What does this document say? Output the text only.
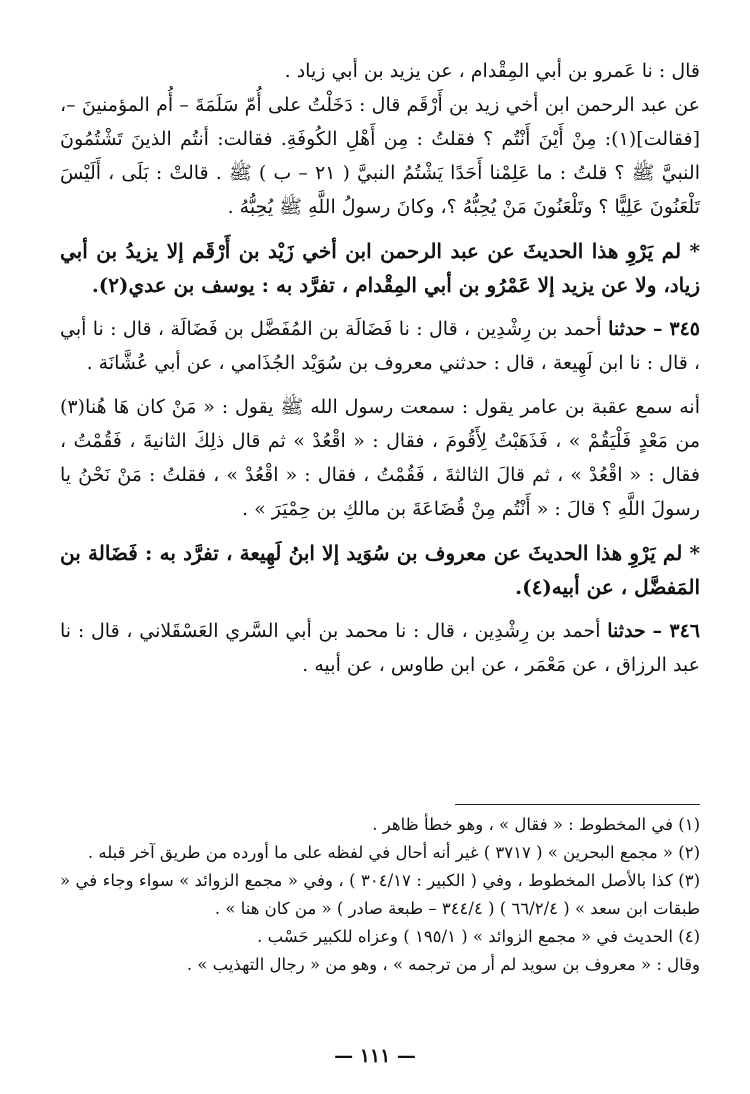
قال : نا عَمرو بن أبي المِقْدام ، عن يزيد بن أبي زياد .

عن عبد الرحمن ابن أخي زيد بن أَرْقَم قال : دَخَلْتُ على أُمّ سَلَمَةَ – أُم المؤمنينَ –، [فقالت](١): مِنْ أَيْنَ أَنْتُم ؟ فقلتُ : مِن أَهْلِ الكُوفَةِ. فقالت: أنتُم الذينَ تَشْتُمُونَ النبيَّ ﷺ ؟ قلتُ : ما عَلِمْنا أَحَدًا يَشْتُمُ النبيَّ ( ٢١ – ب ) ﷺ . قالتْ : بَلَى ، أَلَيْسَ تَلْعَنُونَ عَلِيًّا ؟ وتَلْعَنُونَ مَنْ يُحِبُّهُ ؟، وكانَ رسولُ اللَّهِ ﷺ يُحِبُّهُ .

* لم يَرْوِ هذا الحديثَ عن عبد الرحمن ابن أخي زَيْد بن أَرْقَم إلا يزيدُ بن أبي زياد، ولا عن يزيد إلا عَمْرُو بن أبي المِقْدام ، تفرَّد به : يوسف بن عدي(٢).

٣٤٥ – حدثنا أحمد بن رِشْدِين ، قال : نا فَضَالَة بن المُفَضَّل بن فَضَالَة ، قال : نا أبي ، قال : نا ابن لَهِيعة ، قال : حدثني معروف بن سُوَيْد الجُذَامي ، عن أبي عُشَّانَة .

أنه سمع عقبة بن عامر يقول : سمعت رسول الله ﷺ يقول : « مَنْ كان هَا هُنا(٣) من مَعْدٍ فَلْيَقُمْ » ، فَذَهَبْتُ لِأَقُومَ ، فقال : « اقْعُدْ » ثم قال ذلِكَ الثانيةَ ، فَقُمْتُ ، فقال : « اقْعُدْ » ، ثم قالَ الثالثةَ ، فَقُمْتُ ، فقال : « اقْعُدْ » ، فقلتُ : مَنْ نَحْنُ يا رسولَ اللَّهِ ؟ قالَ : « أَنْتُم مِنْ قُضَاعَةَ بن مالكِ بن حِمْيَرَ » .

* لم يَرْوِ هذا الحديثَ عن معروف بن سُوَيد إلا ابنُ لَهِيعة ، تفرَّد به : فَضَالة بن المَفضَّل ، عن أبيه(٤).

٣٤٦ – حدثنا أحمد بن رِشْدِين ، قال : نا محمد بن أبي السَّري العَسْقَلاني ، قال : نا عبد الرزاق ، عن مَعْمَر ، عن ابن طاوس ، عن أبيه .

(١) في المخطوط : « فقال » ، وهو خطأ ظاهر .

(٢) « مجمع البحرين » ( ٣٧١٧ ) غير أنه أحال في لفظه على ما أورده من طريق آخر قبله .

(٣) كذا بالأصل المخطوط ، وفي ( الكبير : ٣٠٤/١٧ ) ، وفي « مجمع الزوائد » سواء وجاء في « طبقات ابن سعد » ( ٦٦/٢/٤ ) ( ٣٤٤/٤ – طبعة صادر ) « من كان هنا » .

(٤) الحديث في « مجمع الزوائد » ( ١٩٥/١ ) وعزاه للكبير حَسْب .

وقال : « معروف بن سويد لم أر من ترجمه » ، وهو من « رجال التهذيب » .

— ١١١ —
